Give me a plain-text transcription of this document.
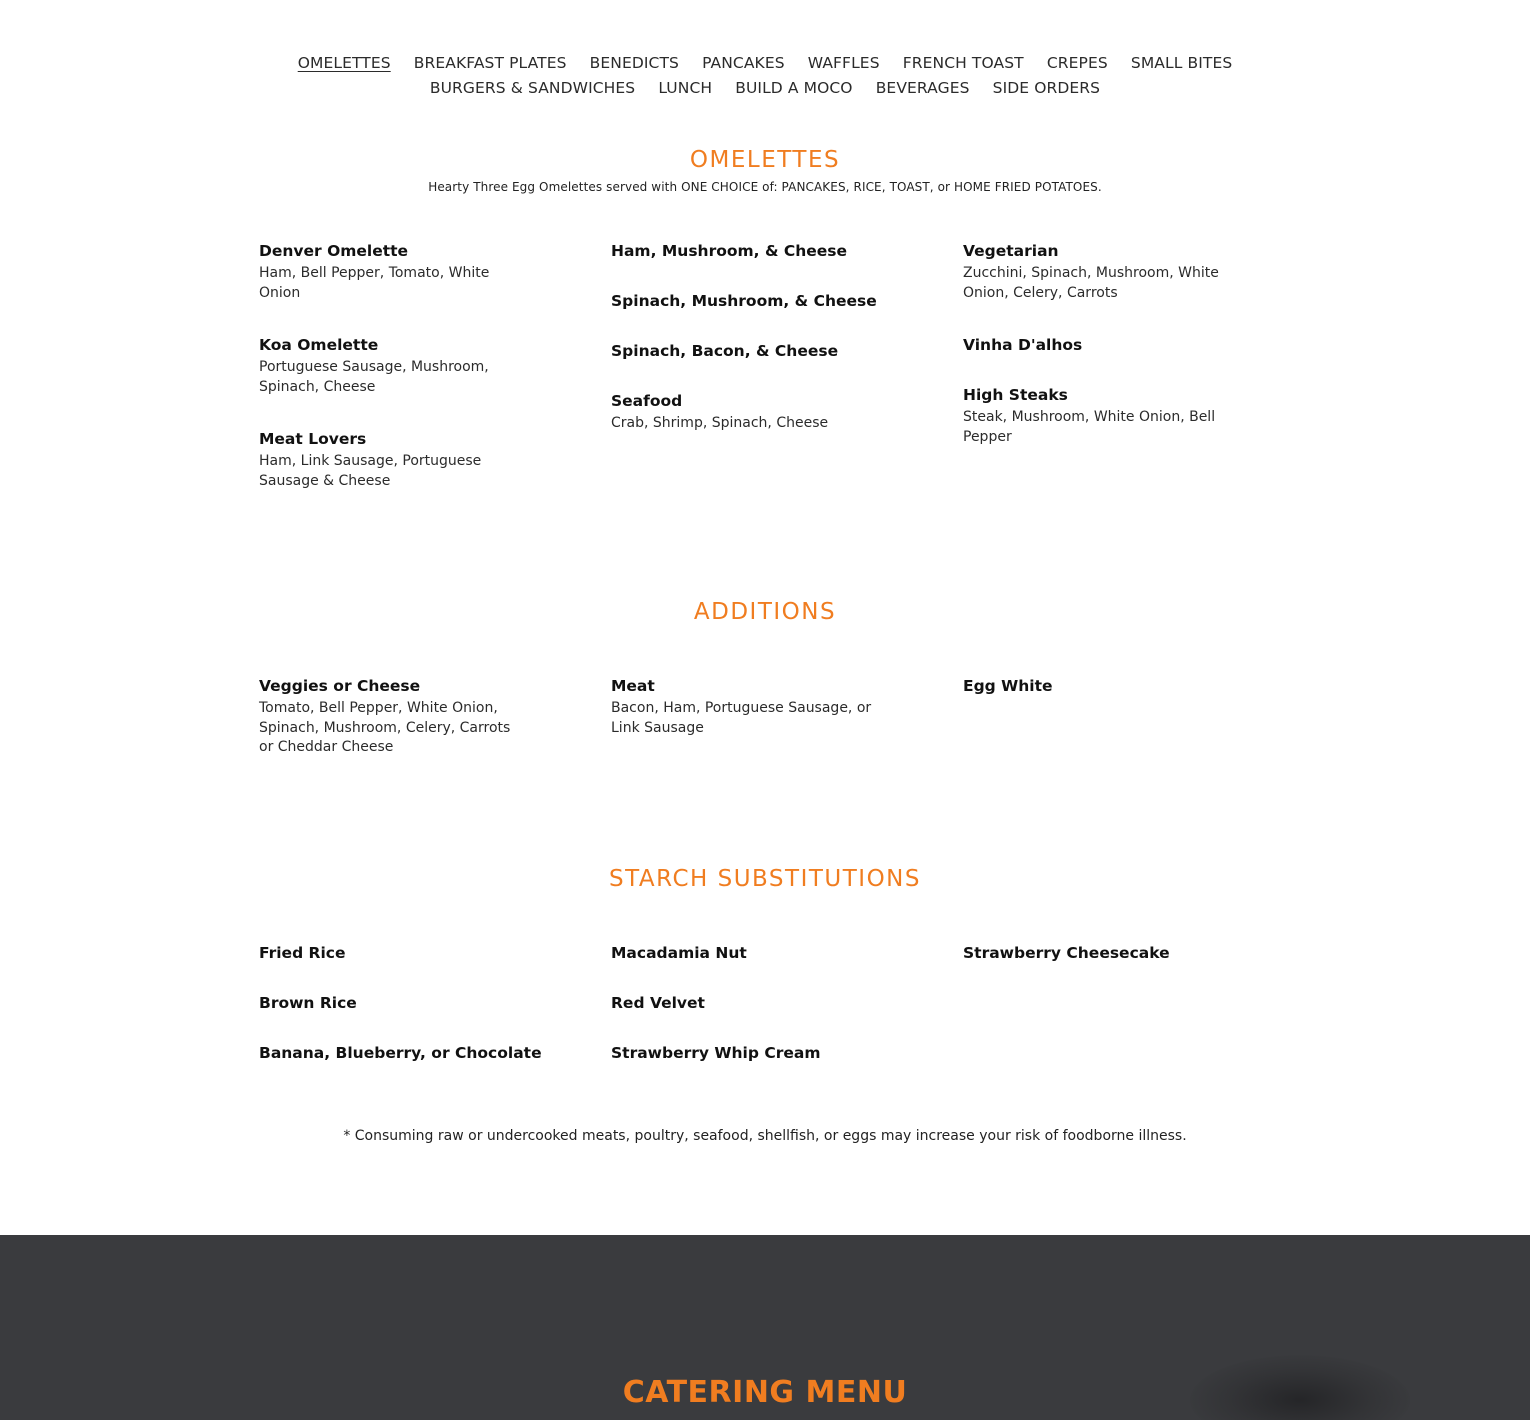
OMELETTES BREAKFAST PLATES BENEDICTS PANCAKES WAFFLES FRENCH TOAST CREPES SMALL BITES
BURGERS & SANDWICHES LUNCH BUILD A MOCO BEVERAGES SIDE ORDERS
OMELETTES

Hearty Three Egg Omelettes served with ONE CHOICE of: PANCAKES, RICE, TOAST, or HOME FRIED POTATOES.

Denver Omelette
Ham, Bell Pepper, Tomato, White Onion
Koa Omelette
Portuguese Sausage, Mushroom, Spinach, Cheese
Meat Lovers
Ham, Link Sausage, Portuguese Sausage & Cheese
Ham, Mushroom, & Cheese
Spinach, Mushroom, & Cheese
Spinach, Bacon, & Cheese
Seafood
Crab, Shrimp, Spinach, Cheese
Vegetarian
Zucchini, Spinach, Mushroom, White Onion, Celery, Carrots
Vinha D'alhos
High Steaks
Steak, Mushroom, White Onion, Bell Pepper
ADDITIONS
Veggies or Cheese
Tomato, Bell Pepper, White Onion, Spinach, Mushroom, Celery, Carrots or Cheddar Cheese
Meat
Bacon, Ham, Portuguese Sausage, or Link Sausage
Egg White
STARCH SUBSTITUTIONS
Fried Rice
Brown Rice
Banana, Blueberry, or Chocolate
Macadamia Nut
Red Velvet
Strawberry Whip Cream
Strawberry Cheesecake

* Consuming raw or undercooked meats, poultry, seafood, shellfish, or eggs may increase your risk of foodborne illness.

CATERING MENU
